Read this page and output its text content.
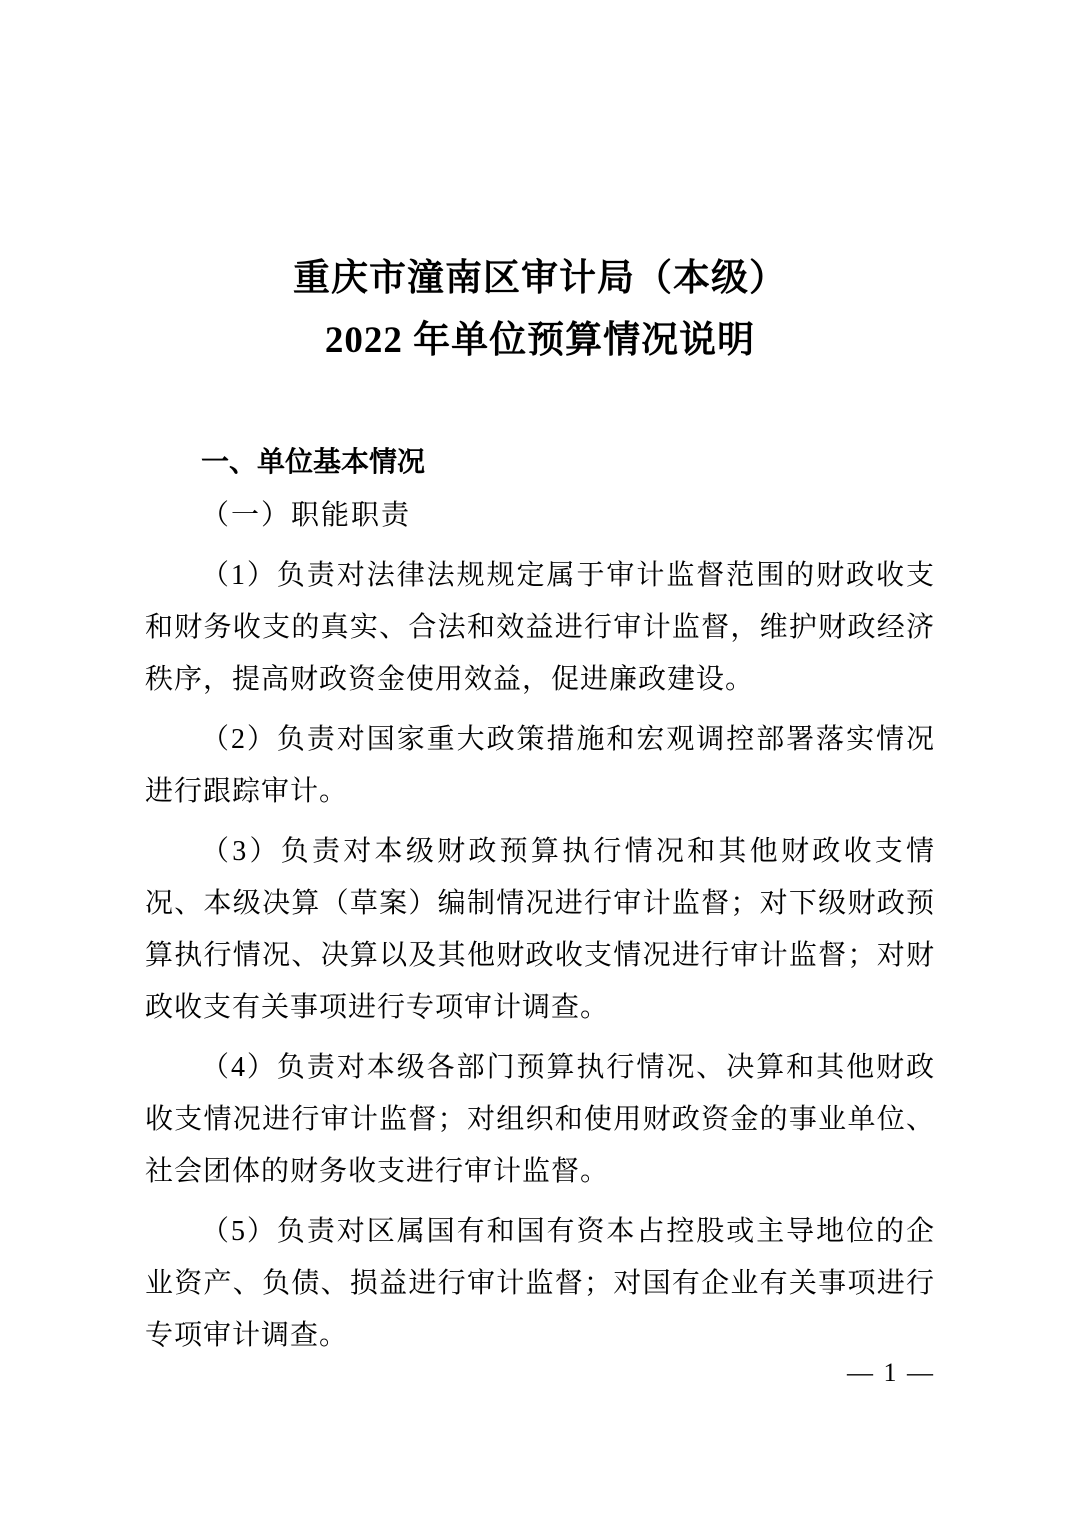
重庆市潼南区审计局（本级）
2022 年单位预算情况说明
一、单位基本情况

（一）职能职责

（1）负责对法律法规规定属于审计监督范围的财政收支和财务收支的真实、合法和效益进行审计监督，维护财政经济秩序，提高财政资金使用效益，促进廉政建设。

（2）负责对国家重大政策措施和宏观调控部署落实情况进行跟踪审计。

（3）负责对本级财政预算执行情况和其他财政收支情况、本级决算（草案）编制情况进行审计监督；对下级财政预算执行情况、决算以及其他财政收支情况进行审计监督；对财政收支有关事项进行专项审计调查。

（4）负责对本级各部门预算执行情况、决算和其他财政收支情况进行审计监督；对组织和使用财政资金的事业单位、社会团体的财务收支进行审计监督。

（5）负责对区属国有和国有资本占控股或主导地位的企业资产、负债、损益进行审计监督；对国有企业有关事项进行专项审计调查。

— 1 —
